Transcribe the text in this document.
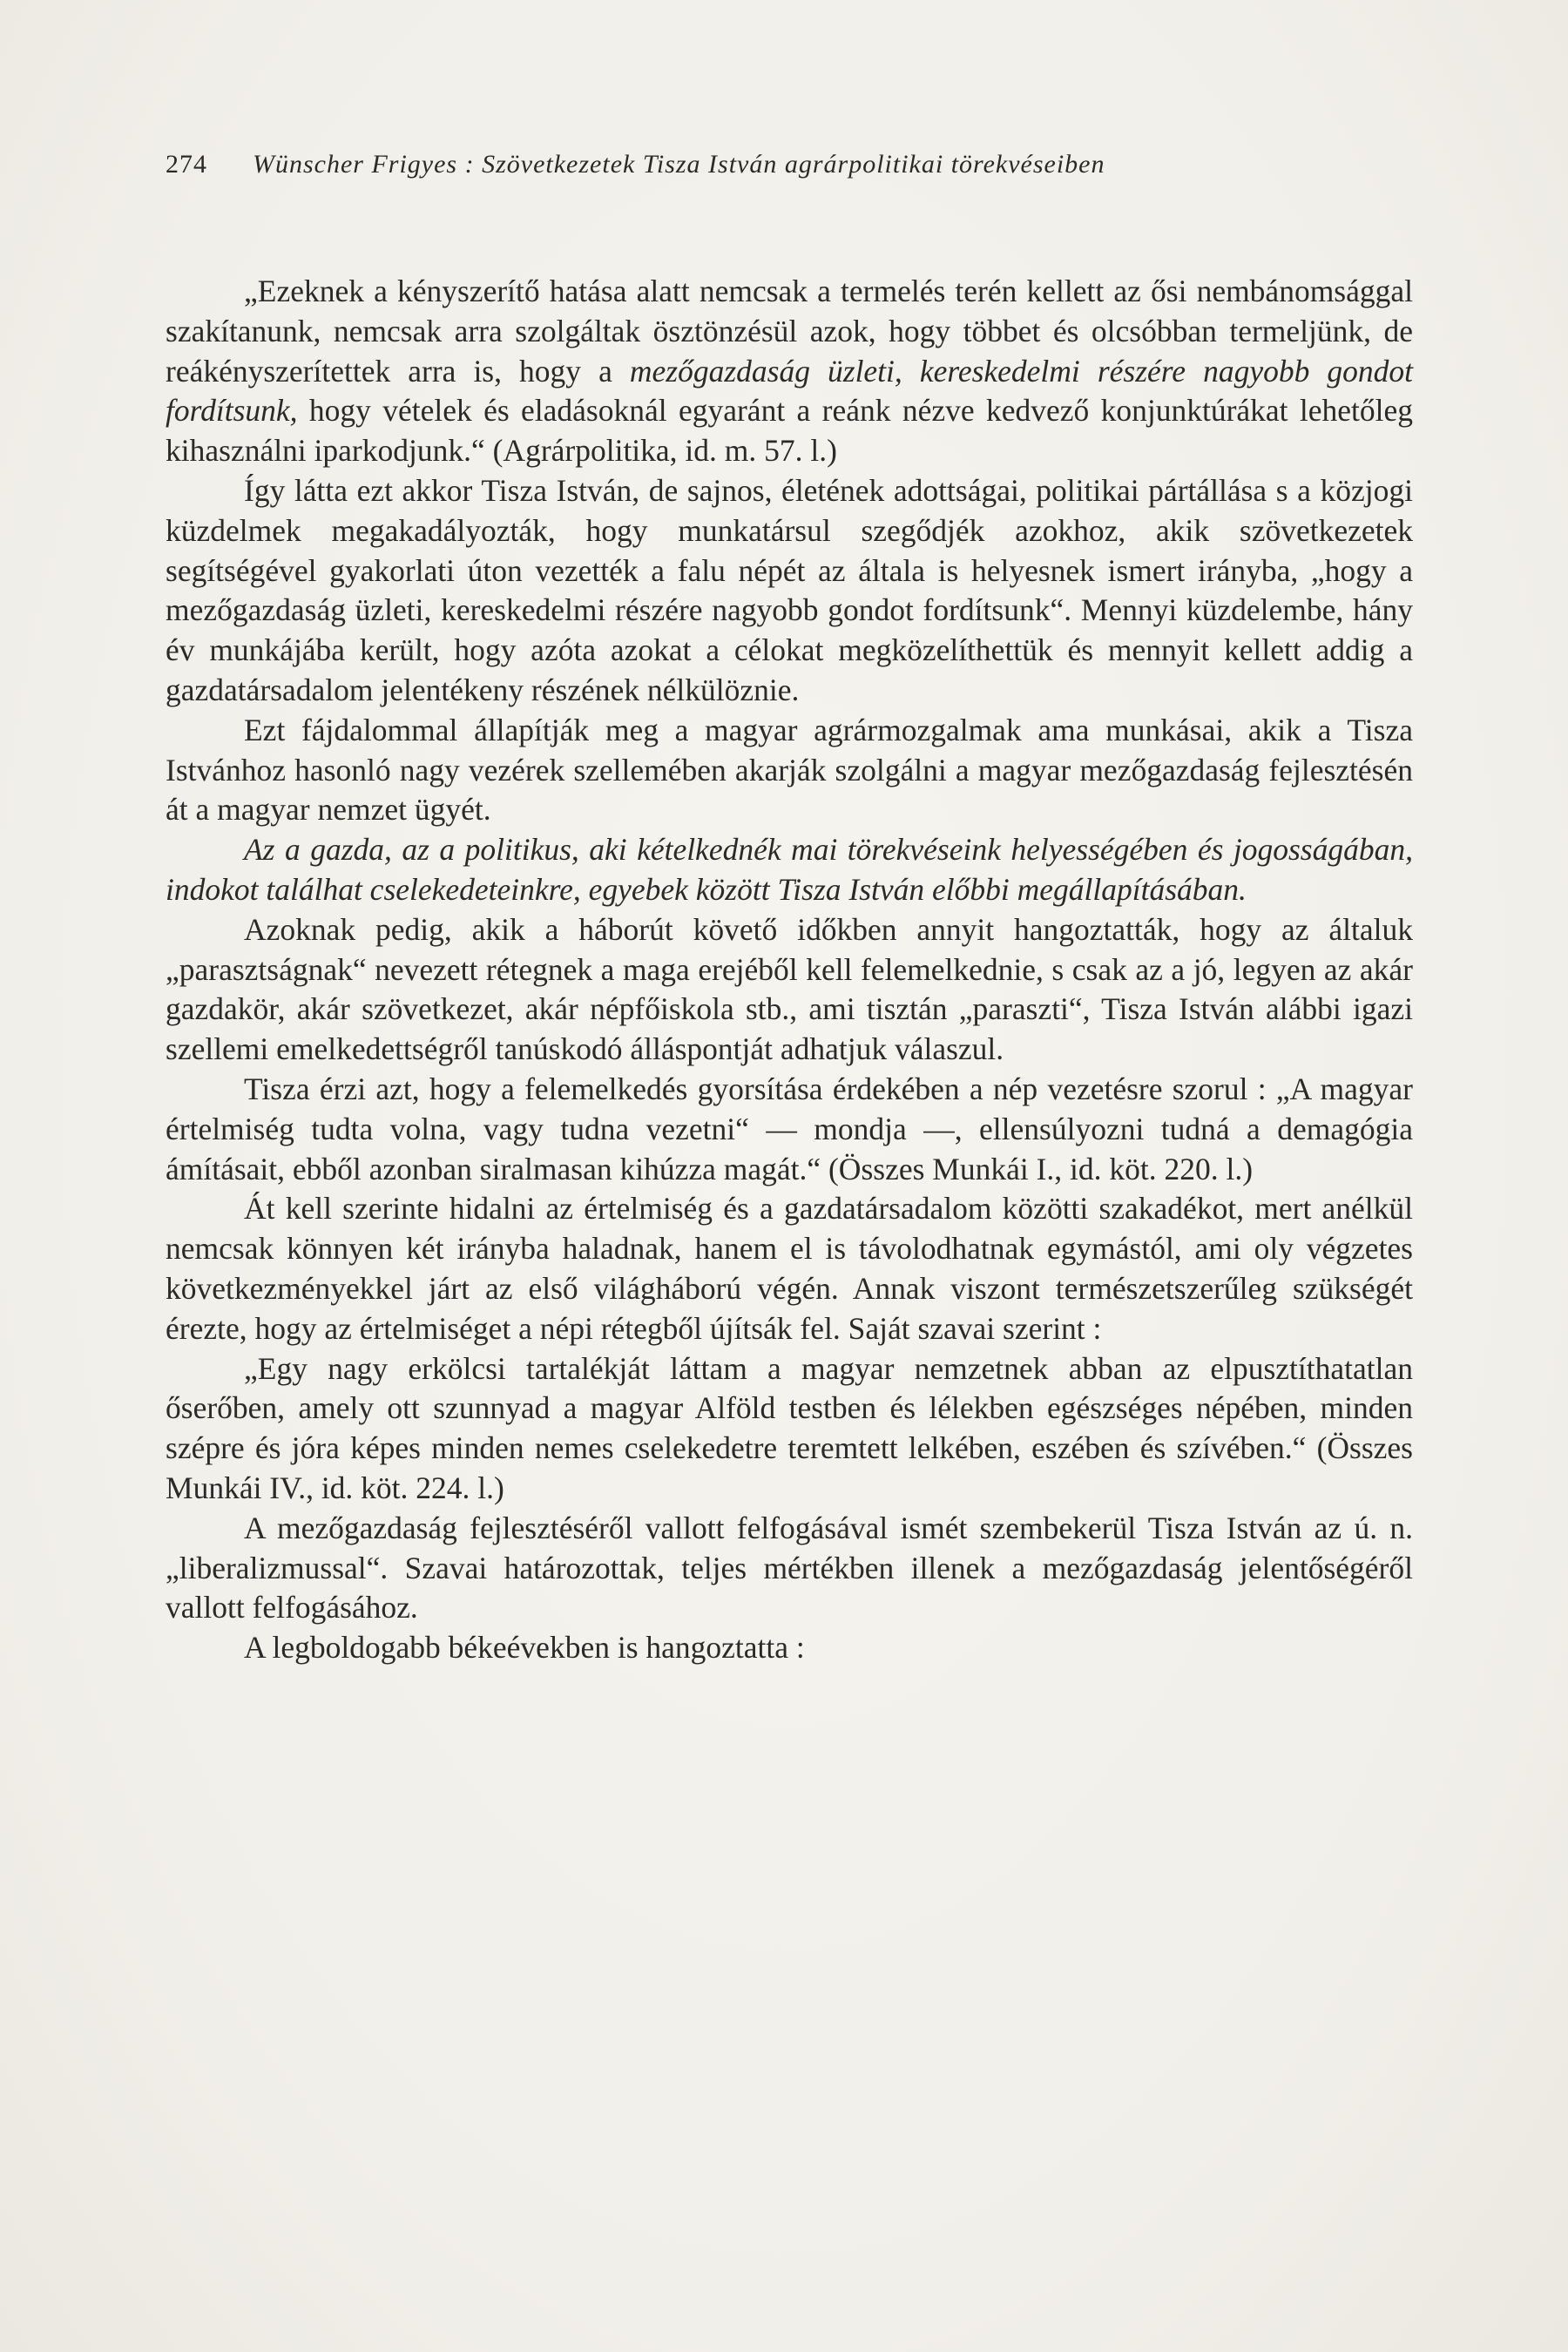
274 Wünscher Frigyes : Szövetkezetek Tisza István agrárpolitikai törekvéseiben

„Ezeknek a kényszerítő hatása alatt nemcsak a termelés terén kellett az ősi nembánomsággal szakítanunk, nemcsak arra szolgáltak ösztönzésül azok, hogy többet és olcsóbban termeljünk, de reákényszerítettek arra is, hogy a mezőgazdaság üzleti, kereskedelmi részére nagyobb gondot fordítsunk, hogy vételek és eladásoknál egyaránt a reánk nézve kedvező konjunktúrákat lehetőleg kihasználni iparkodjunk.“ (Agrárpolitika, id. m. 57. l.)

Így látta ezt akkor Tisza István, de sajnos, életének adottságai, politikai pártállása s a közjogi küzdelmek megakadályozták, hogy munkatársul szegődjék azokhoz, akik szövetkezetek segítségével gyakorlati úton vezették a falu népét az általa is helyesnek ismert irányba, „hogy a mezőgazdaság üzleti, kereskedelmi részére nagyobb gondot fordítsunk“. Mennyi küzdelembe, hány év munkájába került, hogy azóta azokat a célokat megközelíthettük és mennyit kellett addig a gazdatársadalom jelentékeny részének nélkülöznie.

Ezt fájdalommal állapítják meg a magyar agrármozgalmak ama munkásai, akik a Tisza Istvánhoz hasonló nagy vezérek szellemében akarják szolgálni a magyar mezőgazdaság fejlesztésén át a magyar nemzet ügyét.

Az a gazda, az a politikus, aki kételkednék mai törekvéseink helyességében és jogosságában, indokot találhat cselekedeteinkre, egyebek között Tisza István előbbi megállapításában.

Azoknak pedig, akik a háborút követő időkben annyit hangoztatták, hogy az általuk „parasztságnak“ nevezett rétegnek a maga erejéből kell felemelkednie, s csak az a jó, legyen az akár gazdakör, akár szövetkezet, akár népfőiskola stb., ami tisztán „paraszti“, Tisza István alábbi igazi szellemi emelkedettségről tanúskodó álláspontját adhatjuk válaszul.

Tisza érzi azt, hogy a felemelkedés gyorsítása érdekében a nép vezetésre szorul : „A magyar értelmiség tudta volna, vagy tudna vezetni“ — mondja —, ellensúlyozni tudná a demagógia ámításait, ebből azonban siralmasan kihúzza magát.“ (Összes Munkái I., id. köt. 220. l.)

Át kell szerinte hidalni az értelmiség és a gazdatársadalom közötti szakadékot, mert anélkül nemcsak könnyen két irányba haladnak, hanem el is távolodhatnak egymástól, ami oly végzetes következményekkel járt az első világháború végén. Annak viszont természetszerűleg szükségét érezte, hogy az értelmiséget a népi rétegből újítsák fel. Saját szavai szerint :

„Egy nagy erkölcsi tartalékját láttam a magyar nemzetnek abban az elpusztíthatatlan őserőben, amely ott szunnyad a magyar Alföld testben és lélekben egészséges népében, minden szépre és jóra képes minden nemes cselekedetre teremtett lelkében, eszében és szívében.“ (Összes Munkái IV., id. köt. 224. l.)

A mezőgazdaság fejlesztéséről vallott felfogásával ismét szembekerül Tisza István az ú. n. „liberalizmussal“. Szavai határozottak, teljes mértékben illenek a mezőgazdaság jelentőségéről vallott felfogásához.

A legboldogabb békeévekben is hangoztatta :
